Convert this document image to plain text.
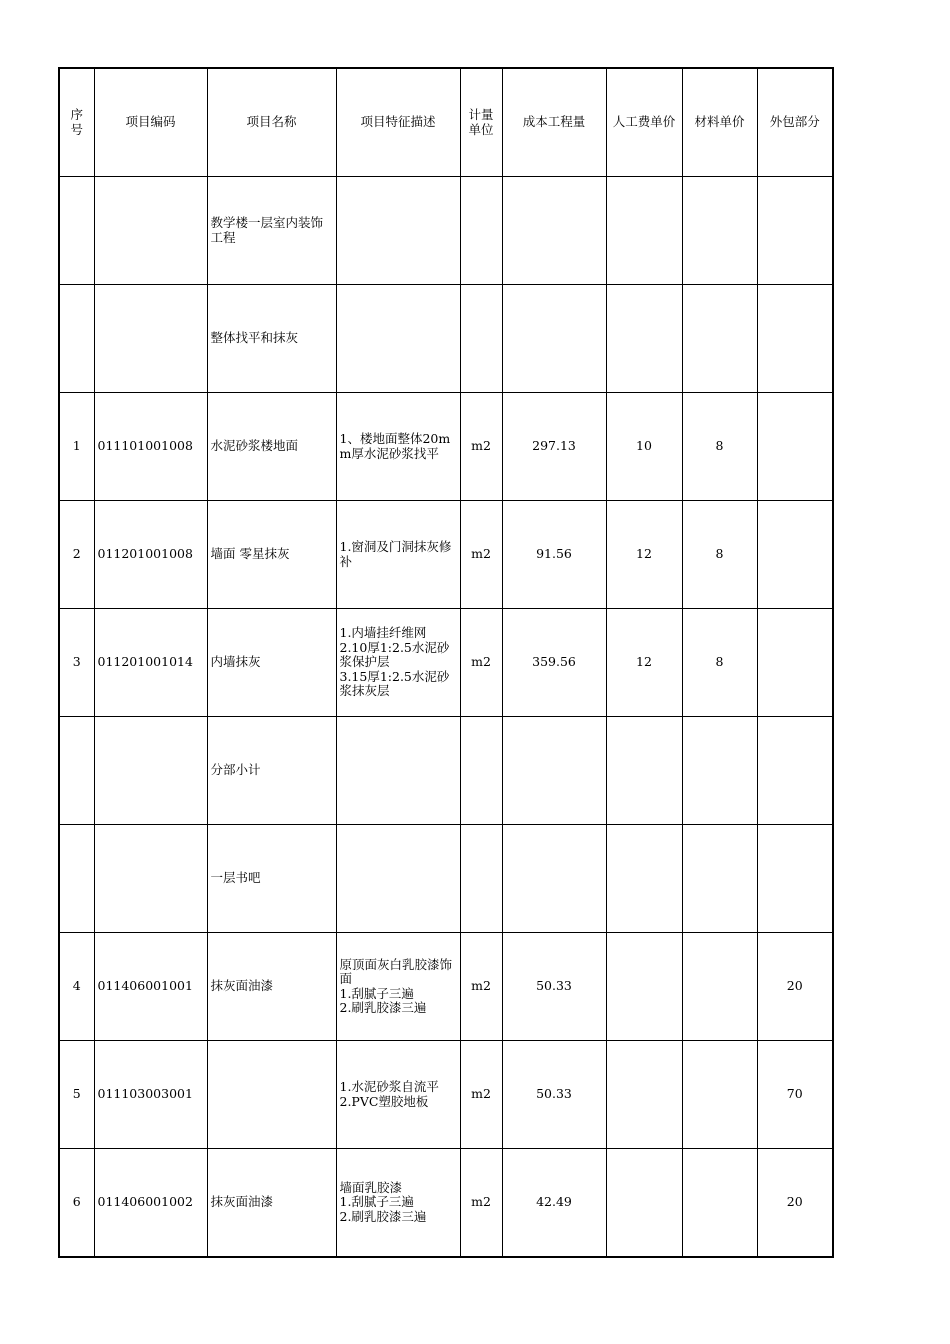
序号	项目编码	项目名称	项目特征描述	计量单位	成本工程量	人工费单价	材料单价	外包部分
		教学楼一层室内装饰工程						
		整体找平和抹灰						
1	011101001008	水泥砂浆楼地面	1、楼地面整体20mm厚水泥砂浆找平	m2	297.13	10	8	
2	011201001008	墙面 零星抹灰	1.窗洞及门洞抹灰修补	m2	91.56	12	8	
3	011201001014	内墙抹灰	1.内墙挂纤维网
2.10厚1:2.5水泥砂浆保护层
3.15厚1:2.5水泥砂浆抹灰层	m2	359.56	12	8	
		分部小计						
		一层书吧						
4	011406001001	抹灰面油漆	原顶面灰白乳胶漆饰面
1.刮腻子三遍
2.刷乳胶漆三遍	m2	50.33			20
5	011103003001		1.水泥砂浆自流平
2.PVC塑胶地板	m2	50.33			70
6	011406001002	抹灰面油漆	墙面乳胶漆
1.刮腻子三遍
2.刷乳胶漆三遍	m2	42.49			20
